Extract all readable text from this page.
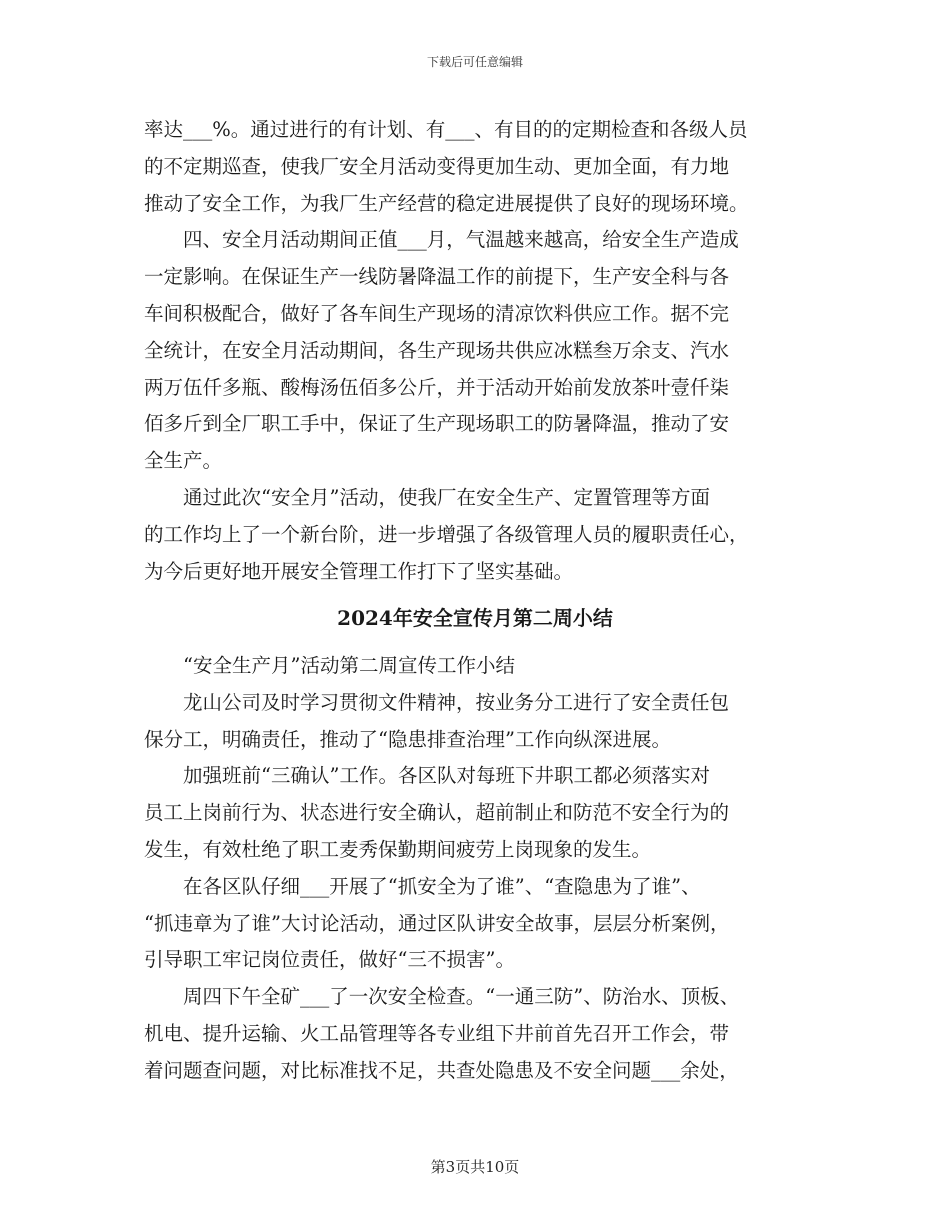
下载后可任意编辑
率达___%。通过进行的有计划、有___、有目的的定期检查和各级人员
的不定期巡查，使我厂安全月活动变得更加生动、更加全面，有力地
推动了安全工作，为我厂生产经营的稳定进展提供了良好的现场环境。
　　四、安全月活动期间正值___月，气温越来越高，给安全生产造成
一定影响。在保证生产一线防暑降温工作的前提下，生产安全科与各
车间积极配合，做好了各车间生产现场的清凉饮料供应工作。据不完
全统计，在安全月活动期间，各生产现场共供应冰糕叁万余支、汽水
两万伍仟多瓶、酸梅汤伍佰多公斤，并于活动开始前发放茶叶壹仟柒
佰多斤到全厂职工手中，保证了生产现场职工的防暑降温，推动了安
全生产。
　　通过此次“安全月”活动，使我厂在安全生产、定置管理等方面
的工作均上了一个新台阶，进一步增强了各级管理人员的履职责任心，
为今后更好地开展安全管理工作打下了坚实基础。
2024年安全宣传月第二周小结
　　“安全生产月”活动第二周宣传工作小结
　　龙山公司及时学习贯彻文件精神，按业务分工进行了安全责任包
保分工，明确责任，推动了“隐患排查治理”工作向纵深进展。
　　加强班前“三确认”工作。各区队对每班下井职工都必须落实对
员工上岗前行为、状态进行安全确认，超前制止和防范不安全行为的
发生，有效杜绝了职工麦秀保勤期间疲劳上岗现象的发生。
　　在各区队仔细___开展了“抓安全为了谁”、“查隐患为了谁”、
“抓违章为了谁”大讨论活动，通过区队讲安全故事，层层分析案例，
引导职工牢记岗位责任，做好“三不损害”。
　　周四下午全矿___了一次安全检查。“一通三防”、防治水、顶板、
机电、提升运输、火工品管理等各专业组下井前首先召开工作会，带
着问题查问题，对比标准找不足，共查处隐患及不安全问题___余处，
第3页共10页
